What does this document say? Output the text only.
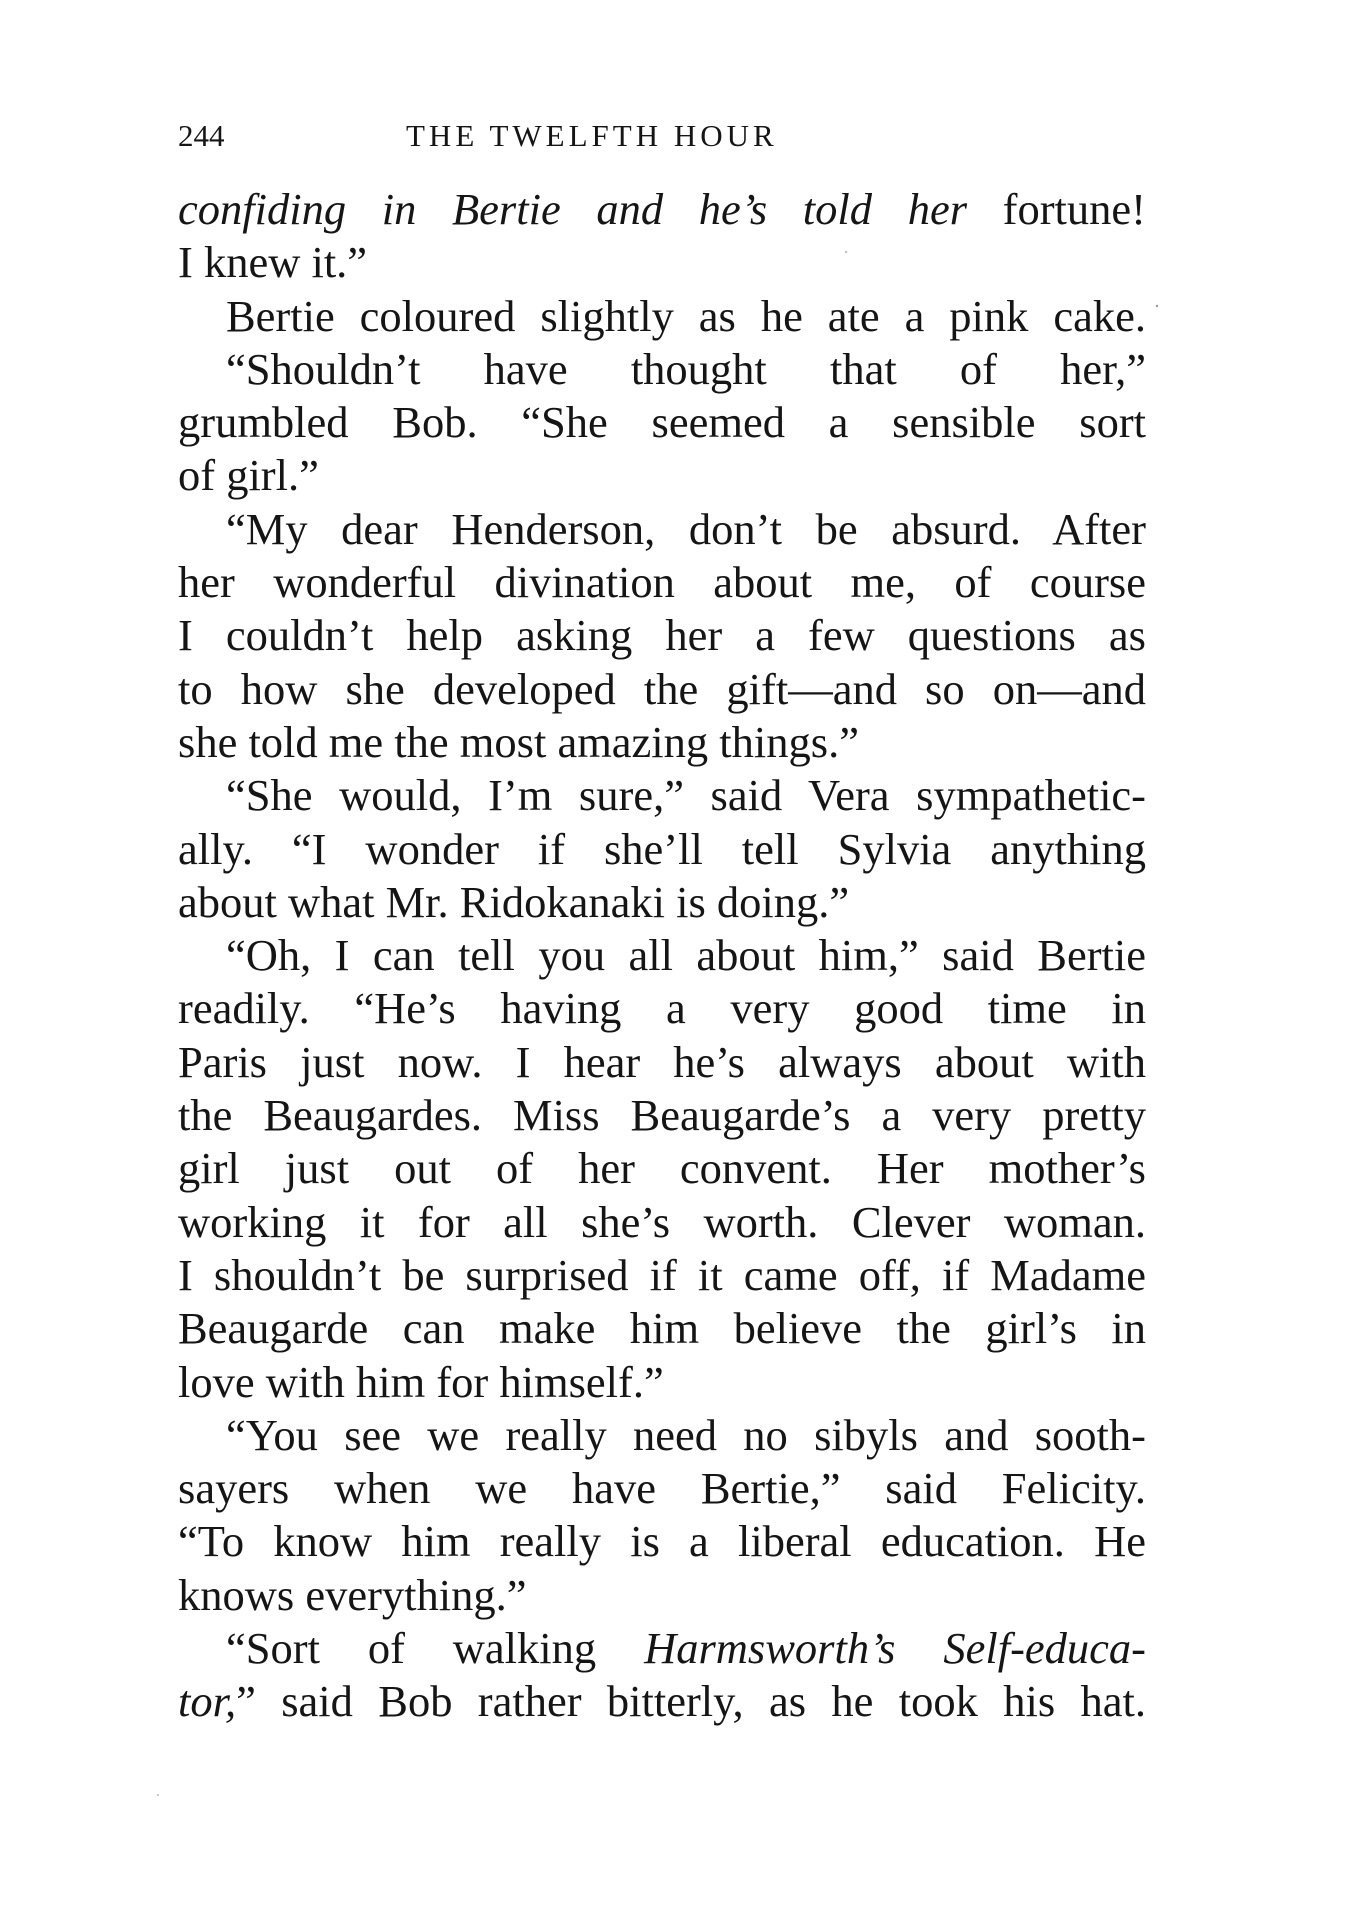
244	THE TWELFTH HOUR
confiding in Bertie and he’s told her fortune!
I knew it.”
Bertie coloured slightly as he ate a pink cake.
“Shouldn’t have thought that of her,”
grumbled Bob. “She seemed a sensible sort
of girl.”
“My dear Henderson, don’t be absurd. After
her wonderful divination about me, of course
I couldn’t help asking her a few questions as
to how she developed the gift—and so on—and
she told me the most amazing things.”
“She would, I’m sure,” said Vera sympathetic-
ally. “I wonder if she’ll tell Sylvia anything
about what Mr. Ridokanaki is doing.”
“Oh, I can tell you all about him,” said Bertie
readily. “He’s having a very good time in
Paris just now. I hear he’s always about with
the Beaugardes. Miss Beaugarde’s a very pretty
girl just out of her convent. Her mother’s
working it for all she’s worth. Clever woman.
I shouldn’t be surprised if it came off, if Madame
Beaugarde can make him believe the girl’s in
love with him for himself.”
“You see we really need no sibyls and sooth-
sayers when we have Bertie,” said Felicity.
“To know him really is a liberal education. He
knows everything.”
“Sort of walking Harmsworth’s Self-educa-
tor,” said Bob rather bitterly, as he took his hat.
